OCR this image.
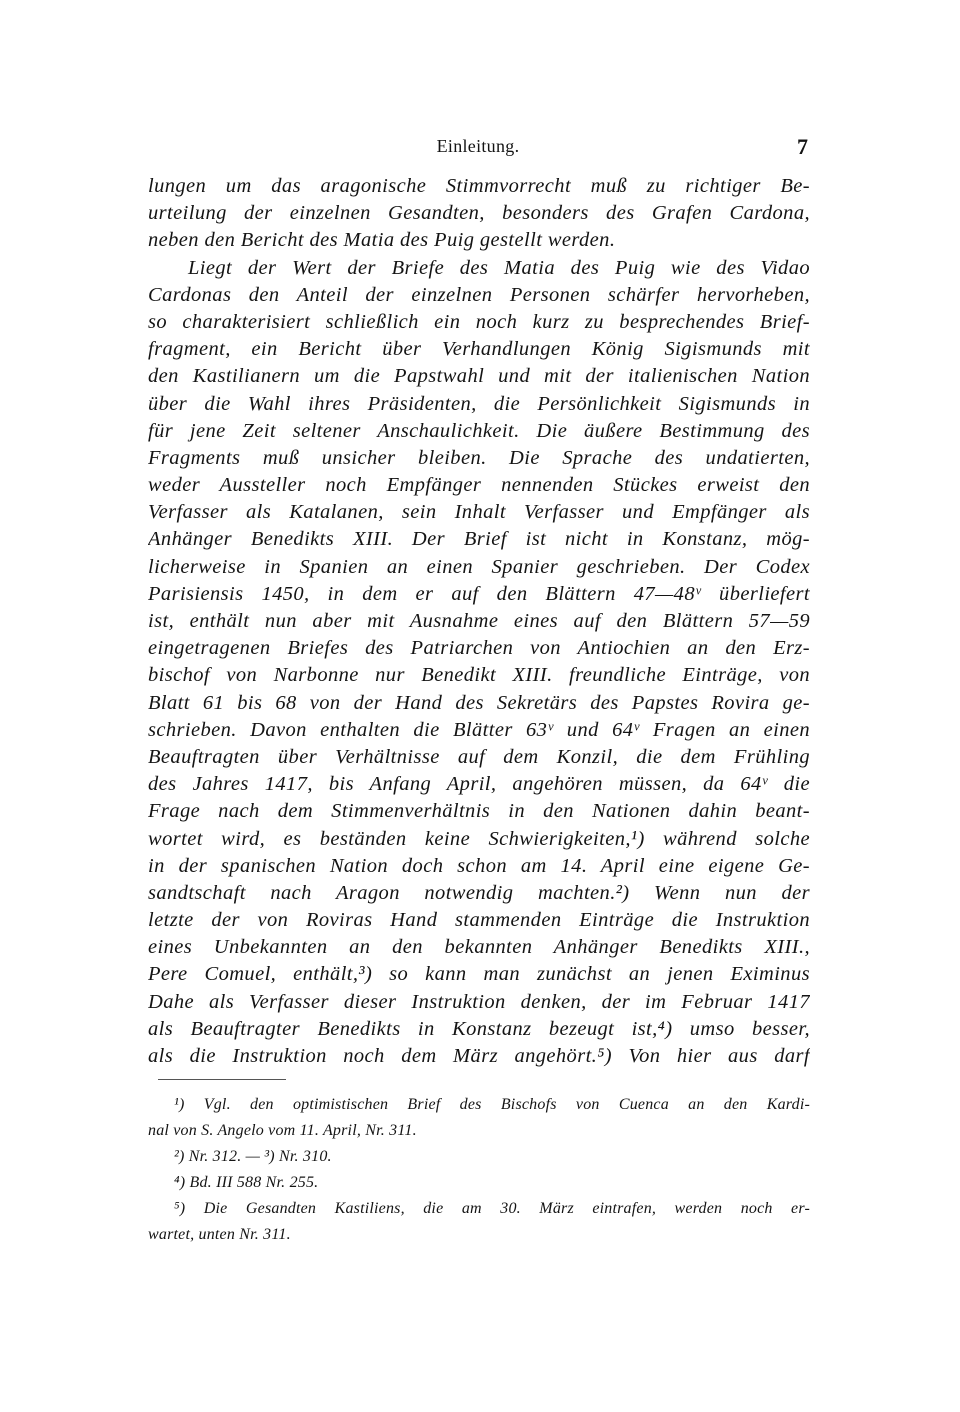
Einleitung.	7
lungen um das aragonische Stimmvorrecht muß zu richtiger Be-
urteilung der einzelnen Gesandten, besonders des Grafen Cardona,
neben den Bericht des Matia des Puig gestellt werden.
Liegt der Wert der Briefe des Matia des Puig wie des Vidao
Cardonas den Anteil der einzelnen Personen schärfer hervorheben,
so charakterisiert schließlich ein noch kurz zu besprechendes Brief-
fragment, ein Bericht über Verhandlungen König Sigismunds mit
den Kastilianern um die Papstwahl und mit der italienischen Nation
über die Wahl ihres Präsidenten, die Persönlichkeit Sigismunds in
für jene Zeit seltener Anschaulichkeit. Die äußere Bestimmung des
Fragments muß unsicher bleiben. Die Sprache des undatierten,
weder Aussteller noch Empfänger nennenden Stückes erweist den
Verfasser als Katalanen, sein Inhalt Verfasser und Empfänger als
Anhänger Benedikts XIII. Der Brief ist nicht in Konstanz, mög-
licherweise in Spanien an einen Spanier geschrieben. Der Codex
Parisiensis 1450, in dem er auf den Blättern 47—48ᵛ überliefert
ist, enthält nun aber mit Ausnahme eines auf den Blättern 57—59
eingetragenen Briefes des Patriarchen von Antiochien an den Erz-
bischof von Narbonne nur Benedikt XIII. freundliche Einträge, von
Blatt 61 bis 68 von der Hand des Sekretärs des Papstes Rovira ge-
schrieben. Davon enthalten die Blätter 63ᵛ und 64ᵛ Fragen an einen
Beauftragten über Verhältnisse auf dem Konzil, die dem Frühling
des Jahres 1417, bis Anfang April, angehören müssen, da 64ᵛ die
Frage nach dem Stimmenverhältnis in den Nationen dahin beant-
wortet wird, es beständen keine Schwierigkeiten,¹) während solche
in der spanischen Nation doch schon am 14. April eine eigene Ge-
sandtschaft nach Aragon notwendig machten.²) Wenn nun der
letzte der von Roviras Hand stammenden Einträge die Instruktion
eines Unbekannten an den bekannten Anhänger Benedikts XIII.,
Pere Comuel, enthält,³) so kann man zunächst an jenen Eximinus
Dahe als Verfasser dieser Instruktion denken, der im Februar 1417
als Beauftragter Benedikts in Konstanz bezeugt ist,⁴) umso besser,
als die Instruktion noch dem März angehört.⁵) Von hier aus darf
¹) Vgl. den optimistischen Brief des Bischofs von Cuenca an den Kardi-
nal von S. Angelo vom 11. April, Nr. 311.
²) Nr. 312. — ³) Nr. 310.
⁴) Bd. III 588 Nr. 255.
⁵) Die Gesandten Kastiliens, die am 30. März eintrafen, werden noch er-
wartet, unten Nr. 311.
